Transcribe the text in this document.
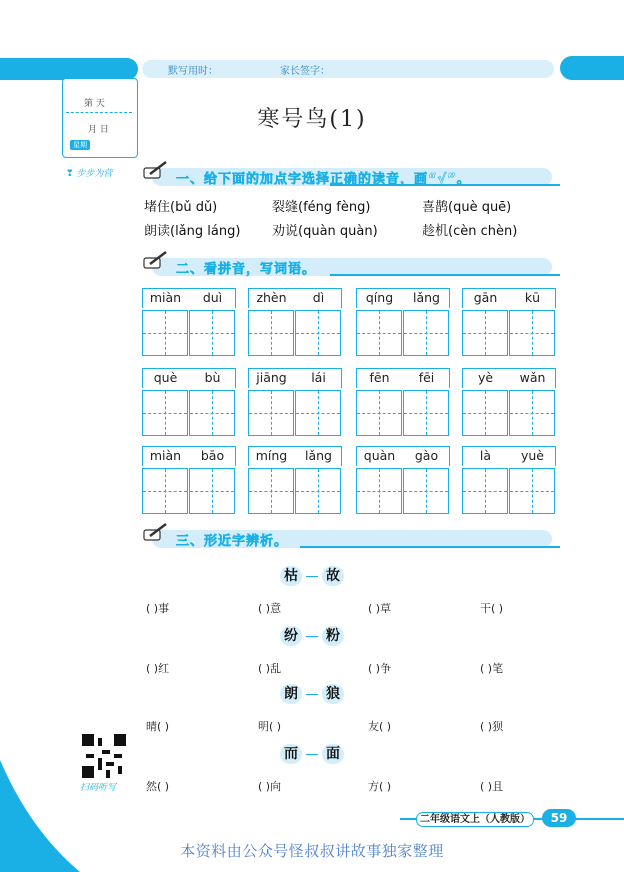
默写用时：	家长签字：
第 天
月 日
星期
❣ 步步为营
寒号鸟(1)
一、给下面的加点字选择正确的读音，画“√”。
堵住(bǔ dǔ)	裂缝(féng fèng)	喜鹊(què quē)
朗读(lǎng láng) 劝说(quàn quàn)	趁机(cèn chèn)
二、看拼音，写词语。
miàn	duì	zhèn	dì	qíng	lǎng	gān	kū
què	bù	jiāng	lái	fēn	fēi	yè	wǎn
miàn	bāo	míng	lǎng	quàn	gào	là	yuè
三、形近字辨析。
枯 故
( )事	( )意	( )草	干( )
纷 粉
( )红	( )乱	( )争	( )笔
朗 狼
晴( )	明( )	友( )	( )狈
而 面
然( )	( )向	方( )	( )且
扫码听写
二年级语文上（人教版）	59
本资料由公众号怪叔叔讲故事独家整理
